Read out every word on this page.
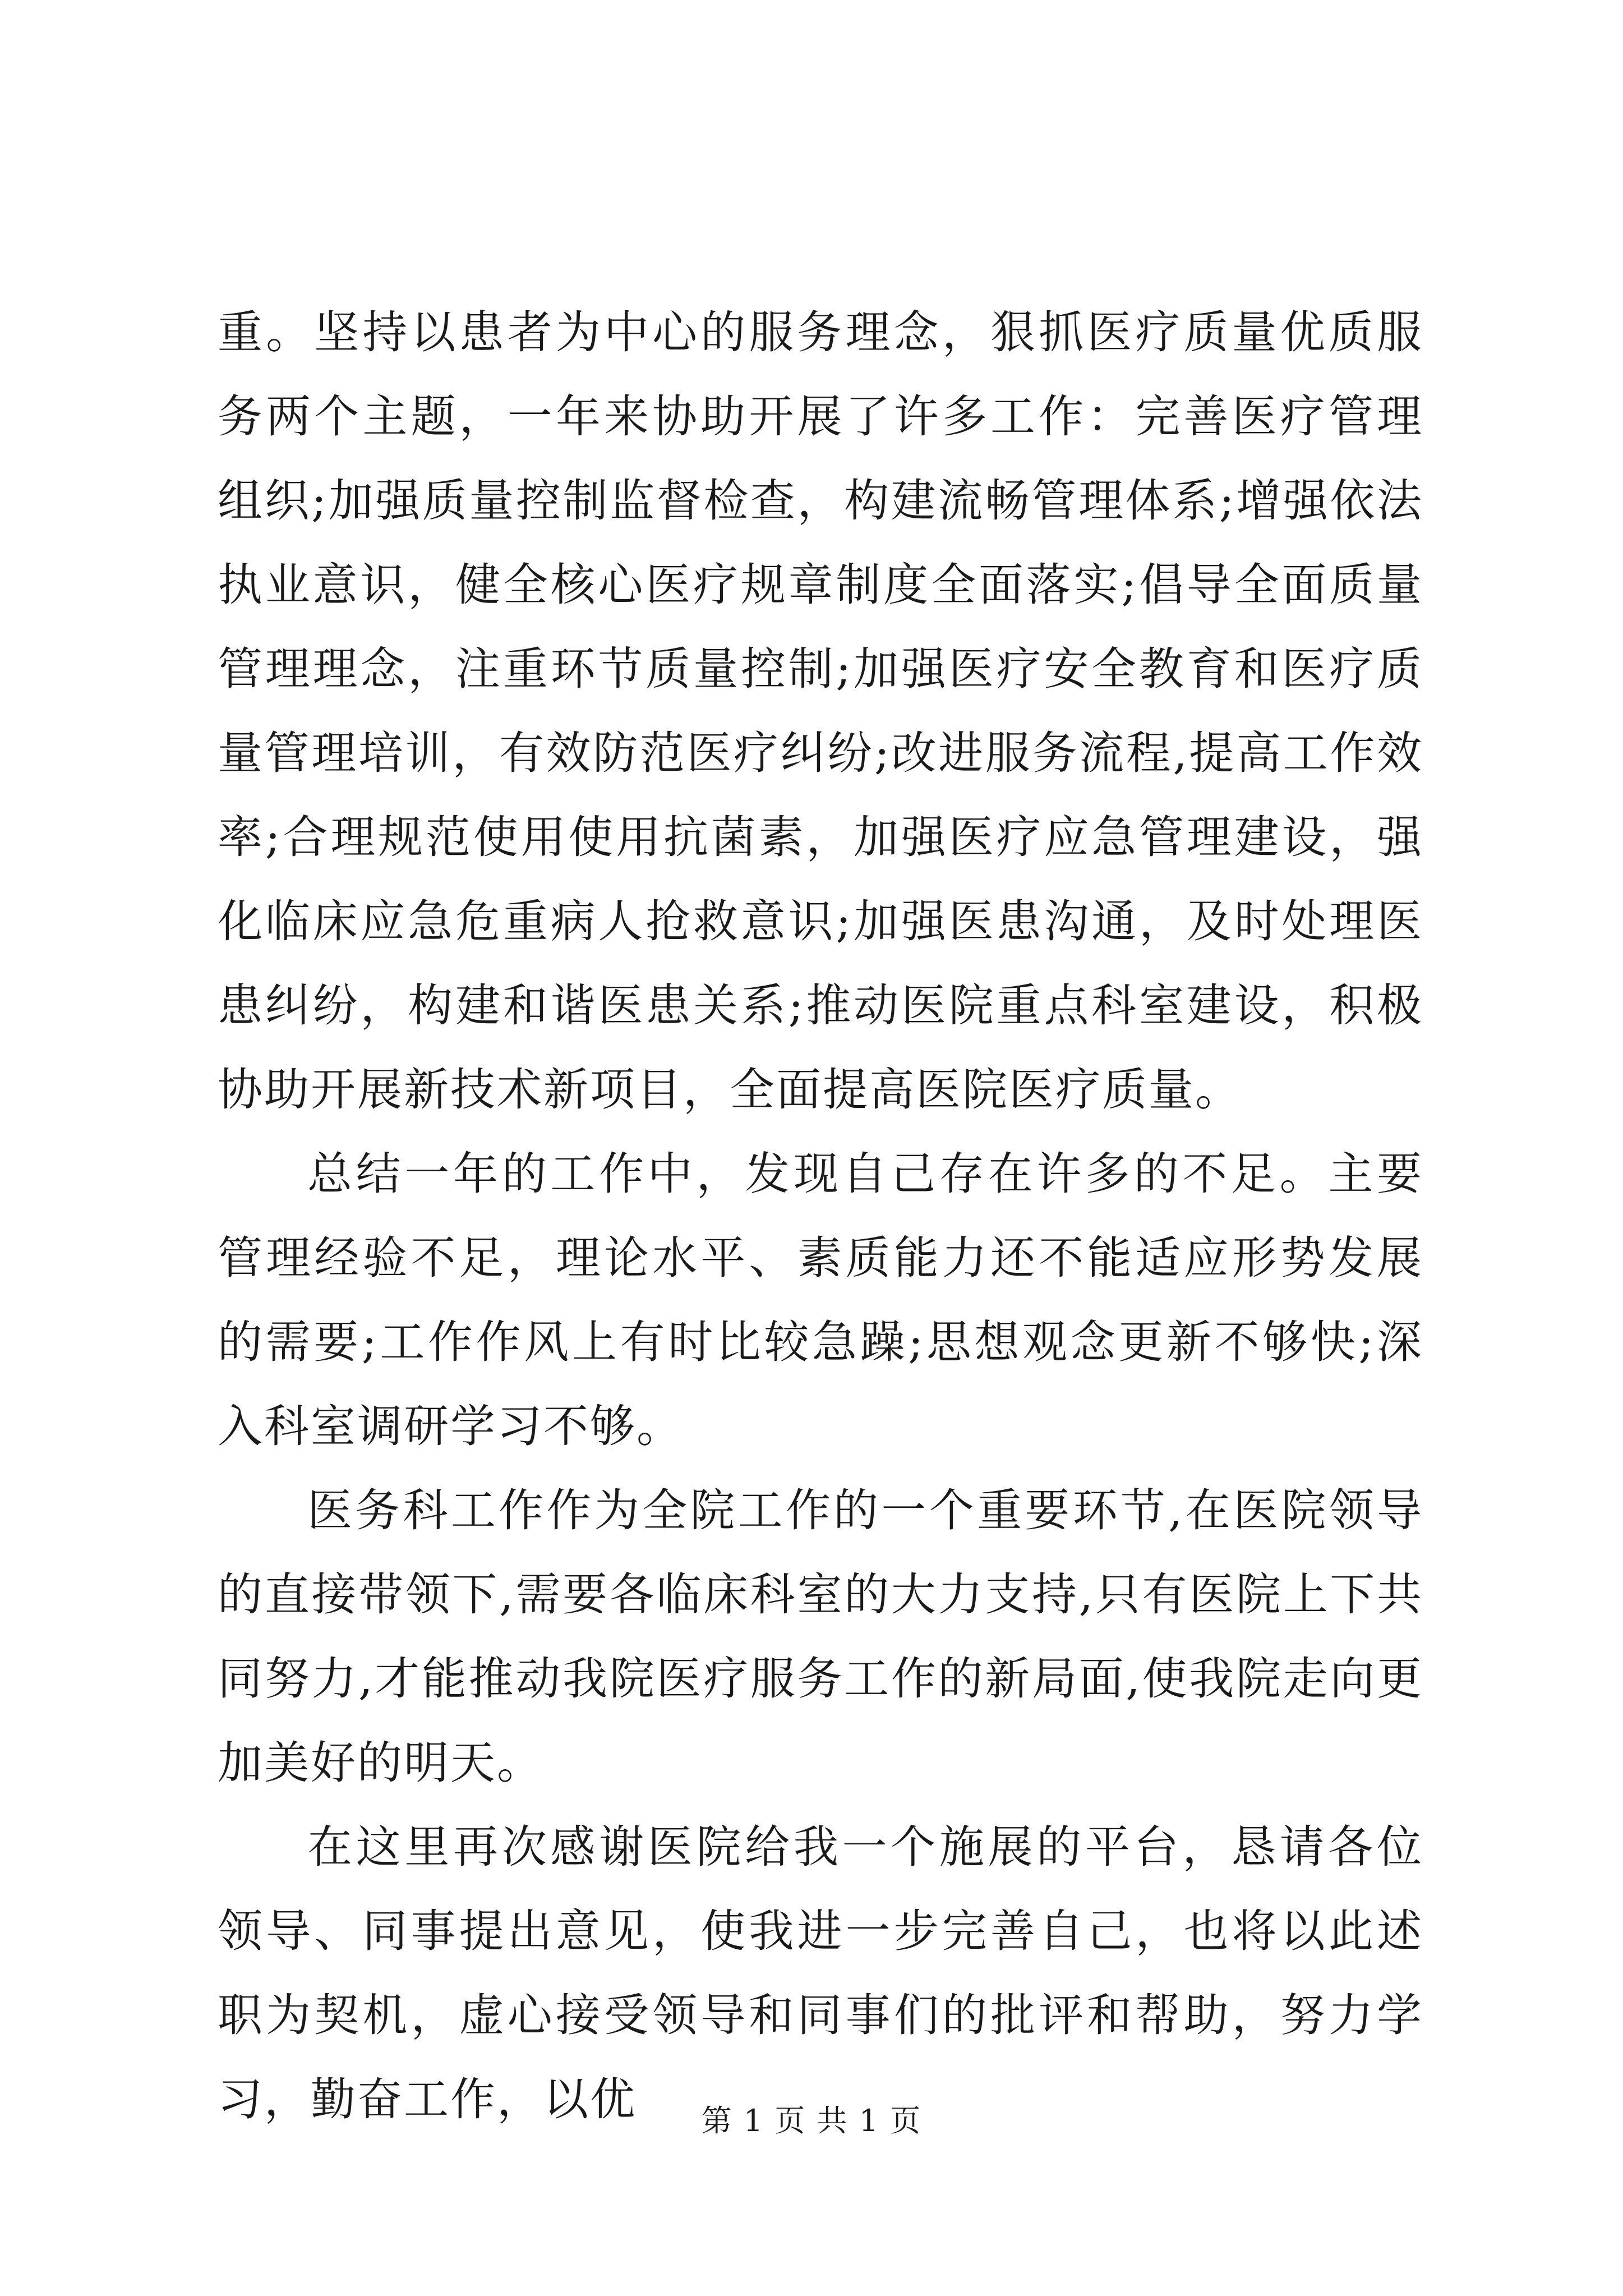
重。坚持以患者为中心的服务理念，狠抓医疗质量优质服务两个主题，一年来协助开展了许多工作：完善医疗管理组织;加强质量控制监督检查，构建流畅管理体系;增强依法执业意识，健全核心医疗规章制度全面落实;倡导全面质量管理理念，注重环节质量控制;加强医疗安全教育和医疗质量管理培训，有效防范医疗纠纷;改进服务流程,提高工作效率;合理规范使用使用抗菌素，加强医疗应急管理建设，强化临床应急危重病人抢救意识;加强医患沟通，及时处理医患纠纷，构建和谐医患关系;推动医院重点科室建设，积极协助开展新技术新项目，全面提高医院医疗质量。

总结一年的工作中，发现自己存在许多的不足。主要管理经验不足，理论水平、素质能力还不能适应形势发展的需要;工作作风上有时比较急躁;思想观念更新不够快;深入科室调研学习不够。

医务科工作作为全院工作的一个重要环节,在医院领导的直接带领下,需要各临床科室的大力支持,只有医院上下共同努力,才能推动我院医疗服务工作的新局面,使我院走向更加美好的明天。

在这里再次感谢医院给我一个施展的平台，恳请各位领导、同事提出意见，使我进一步完善自己，也将以此述职为契机，虚心接受领导和同事们的批评和帮助，努力学习，勤奋工作，以优	第 1 页 共 1 页
